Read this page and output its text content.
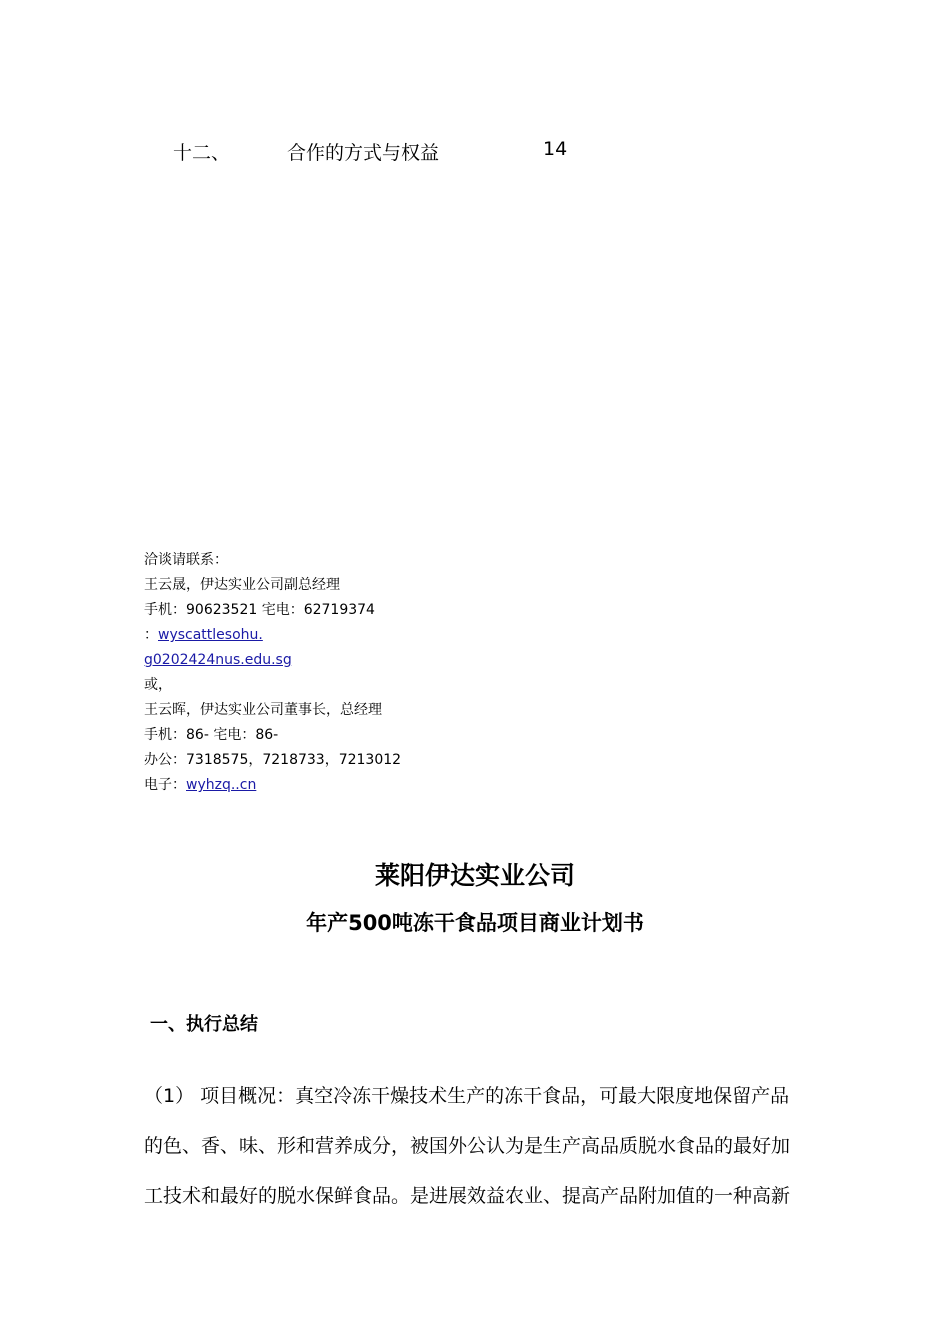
十二、	合作的方式与权益	14
洽谈请联系：
王云晟，伊达实业公司副总经理
手机：90623521 宅电：62719374
：wyscattlesohu.
g0202424nus.edu.sg
或，
王云晖，伊达实业公司董事长，总经理
手机：86- 宅电：86-
办公：7318575，7218733，7213012
电子：wyhzq..cn
莱阳伊达实业公司
年产500吨冻干食品项目商业计划书
一、执行总结
（1） 项目概况：真空冷冻干燥技术生产的冻干食品，可最大限度地保留产品
的色、香、味、形和营养成分，被国外公认为是生产高品质脱水食品的最好加
工技术和最好的脱水保鲜食品。是进展效益农业、提高产品附加值的一种高新
